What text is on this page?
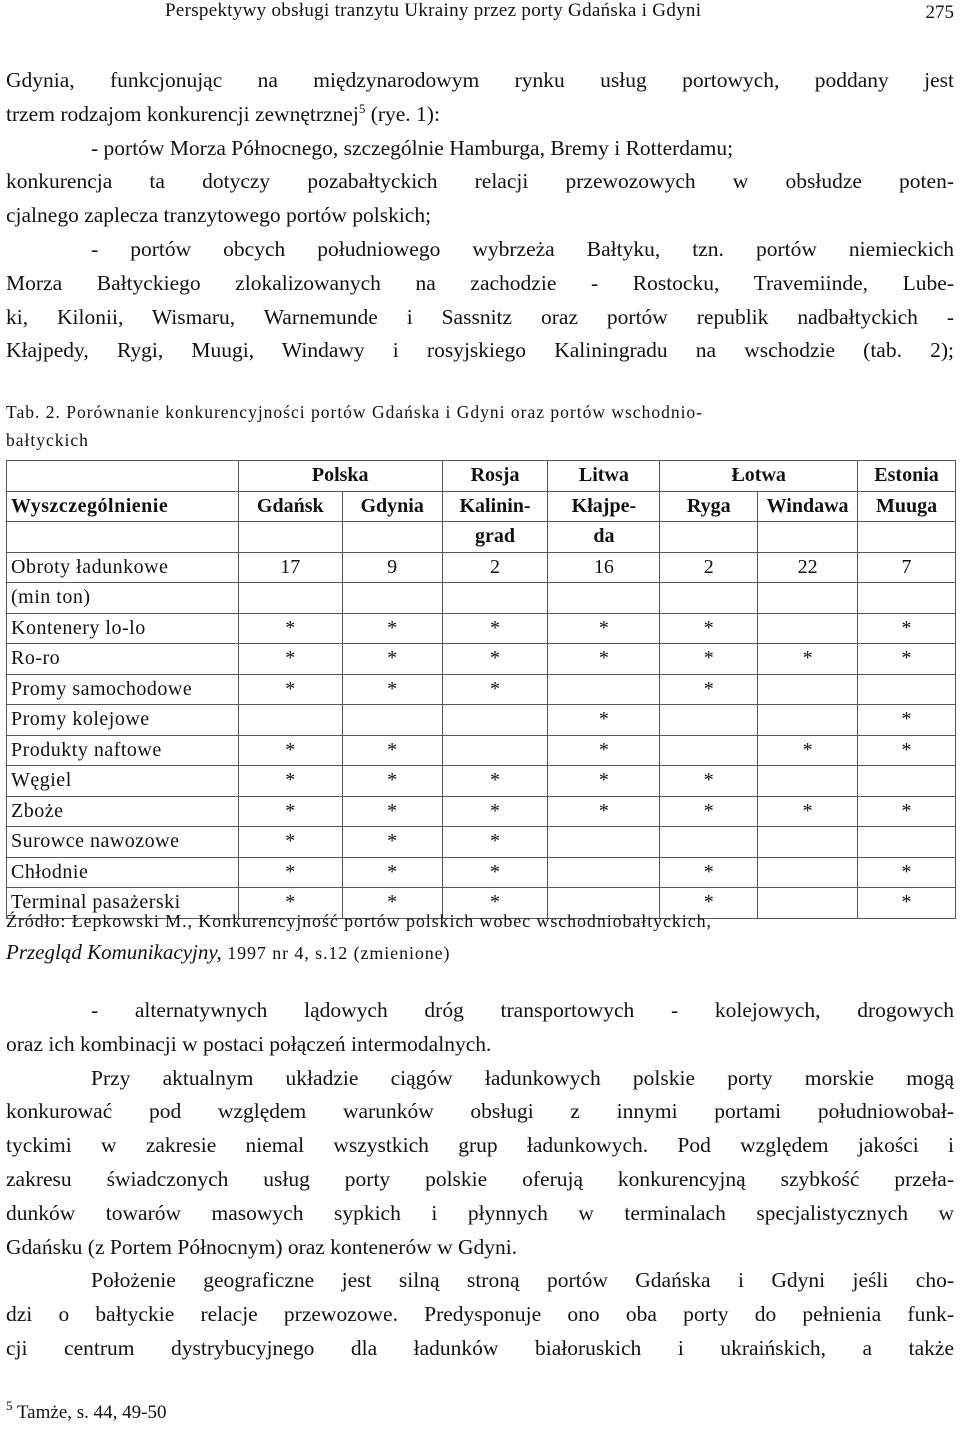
Perspektywy obsługi tranzytu Ukrainy przez porty Gdańska i Gdyni	275
Gdynia, funkcjonując na międzynarodowym rynku usług portowych, poddany jest
trzem rodzajom konkurencji zewnętrznej$^5$ (rye. 1):
- portów Morza Północnego, szczególnie Hamburga, Bremy i Rotterdamu;
konkurencja ta dotyczy pozabałtyckich relacji przewozowych w obsłudze poten-
cjalnego zaplecza tranzytowego portów polskich;
- portów obcych południowego wybrzeża Bałtyku, tzn. portów niemieckich
Morza Bałtyckiego zlokalizowanych na zachodzie - Rostocku, Travemiinde, Lube-
ki, Kilonii, Wismaru, Warnemunde i Sassnitz oraz portów republik nadbałtyckich -
Kłajpedy, Rygi, Muugi, Windawy i rosyjskiego Kaliningradu na wschodzie (tab. 2);
Tab. 2. Porównanie konkurencyjności portów Gdańska i Gdyni oraz portów wschodnio-
bałtyckich
	Polska		Rosja	Litwa	Łotwa		Estonia
Wyszczególnienie	Gdańsk	Gdynia	Kalinin-	Kłajpe-	Ryga	Windawa	Muuga
			grad	da			
Obroty ładunkowe	17	9	2	16	2	22	7
(min ton)							
Kontenery lo-lo	*	*	*	*	*		*
Ro-ro	*	*	*	*	*	*	*
Promy samochodowe	*	*	*		*		
Promy kolejowe				*			*
Produkty naftowe	*	*		*		*	*
Węgiel	*	*	*	*	*		
Zboże	*	*	*	*	*	*	*
Surowce nawozowe	*	*	*				
Chłodnie	*	*	*		*		*
Terminal pasażerski	*	*	*		*		*
Źródło: Łepkowski M., Konkurencyjność portów polskich wobec wschodniobałtyckich,
Przegląd Komunikacyjny, 1997 nr 4, s.12 (zmienione)
- alternatywnych lądowych dróg transportowych - kolejowych, drogowych
oraz ich kombinacji w postaci połączeń intermodalnych.
Przy aktualnym układzie ciągów ładunkowych polskie porty morskie mogą
konkurować pod względem warunków obsługi z innymi portami południowobał-
tyckimi w zakresie niemal wszystkich grup ładunkowych. Pod względem jakości i
zakresu świadczonych usług porty polskie oferują konkurencyjną szybkość przeła-
dunków towarów masowych sypkich i płynnych w terminalach specjalistycznych w
Gdańsku (z Portem Północnym) oraz kontenerów w Gdyni.
Położenie geograficzne jest silną stroną portów Gdańska i Gdyni jeśli cho-
dzi o bałtyckie relacje przewozowe. Predysponuje ono oba porty do pełnienia funk-
cji centrum dystrybucyjnego dla ładunków białoruskich i ukraińskich, a także
$^5$ Tamże, s. 44, 49-50
